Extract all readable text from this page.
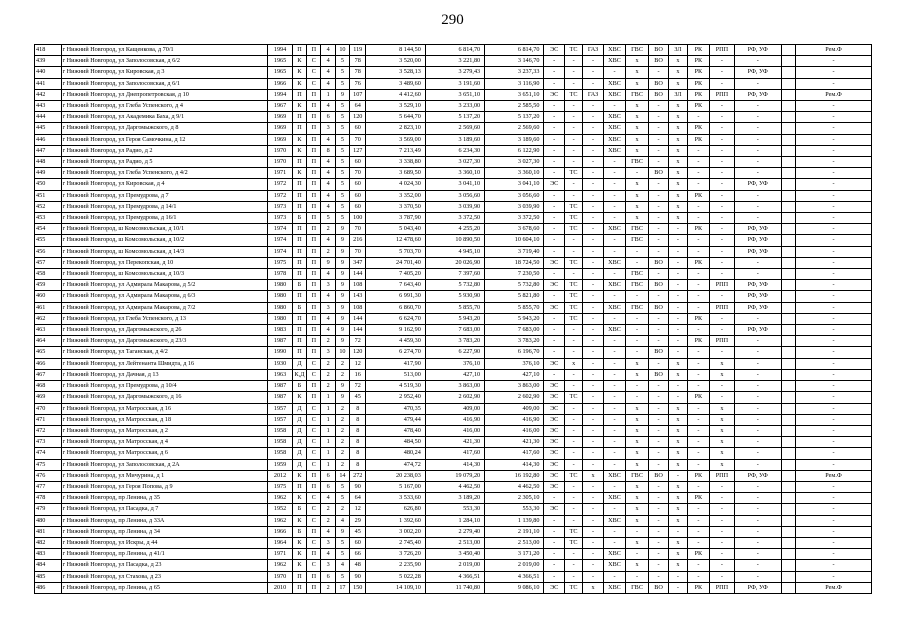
290
418	г Нижний Новгород, ул Кащенкова, д 70/1	1994	П	П	4	10	119	8 144,50	6 814,70	6 814,70	ЭС	ТС	ГАЗ	ХВС	ГВС	ВО	ЗЛ	РК	РПП	РФ, УФ		Рем.Ф
439	г Нижний Новгород, ул Заполосовская, д 6/2	1965	К	С	4	5	78	3 520,00	3 221,80	3 146,70	-	-	-	ХВС	х	ВО	х	РК	-	-		-
440	г Нижний Новгород, ул Кировская, д 3	1965	К	С	4	5	78	3 528,13	3 279,43	3 237,33	-	-	-	-	х	-	х	РК	-	РФ, УФ		-
441	г Нижний Новгород, ул Заполосовская, д 6/1	1966	К	С	4	5	76	3 489,60	3 191,60	3 116,90	-	-	-	ХВС	х	ВО	х	РК	-	-		-
442	г Нижний Новгород, ул Днепропетровская, д 10	1994	П	П	1	9	107	4 412,60	3 651,10	3 651,10	ЭС	ТС	ГАЗ	ХВС	ГВС	ВО	ЗЛ	РК	РПП	РФ, УФ		Рем.Ф
443	г Нижний Новгород, ул Глеба Успенского, д 4	1967	К	П	4	5	64	3 529,10	3 233,00	2 585,50	-	-	-	-	х	-	х	РК	-	-		-
444	г Нижний Новгород, ул Академика Баха, д 9/1	1969	П	П	6	5	120	5 644,70	5 137,20	5 137,20	-	-	-	ХВС	х	-	х	-	-	-		-
445	г Нижний Новгород, ул Даргомыжского, д 8	1969	П	П	3	5	60	2 823,10	2 569,60	2 569,60	-	-	-	ХВС	х	-	х	РК	-	-		-
446	г Нижний Новгород, ул Героя Самочкина, д 12	1969	К	П	4	5	70	3 569,00	3 189,60	3 189,60	-	-	-	ХВС	х	-	х	РК	-	-		-
447	г Нижний Новгород, ул Радио, д 2	1970	К	П	8	5	127	7 213,49	6 234,30	6 122,90	-	-	-	ХВС	х	-	х	-	-	-		-
448	г Нижний Новгород, ул Радио, д 5	1970	П	П	4	5	60	3 338,80	3 027,30	3 027,30	-	-	-	-	ГВС	-	х	-	-	-		-
449	г Нижний Новгород, ул Глеба Успенского, д 4/2	1971	К	П	4	5	70	3 689,50	3 360,10	3 360,10	-	ТС	-	-	-	ВО	х	-	-	-		-
450	г Нижний Новгород, ул Кировская, д 4	1972	П	П	4	5	60	4 024,30	3 041,10	3 041,10	ЭС	-	-	-	х	-	х	-	-	РФ, УФ		-
451	г Нижний Новгород, ул Премудрова, д 7	1972	П	П	4	5	60	3 352,00	3 056,60	3 056,60	-	-	-	-	х	-	х	РК	-	-		-
452	г Нижний Новгород, ул Премудрова, д 14/1	1973	П	П	4	5	60	3 370,50	3 039,90	3 039,90	-	ТС	-	-	х	-	х	-	-	-		-
453	г Нижний Новгород, ул Премудрова, д 16/1	1973	Б	П	5	5	100	3 787,90	3 372,50	3 372,50	-	ТС	-	-	х	-	х	-	-	-		-
454	г Нижний Новгород, ш Комсомольская, д 10/1	1974	П	П	2	9	70	5 043,40	4 255,20	3 678,60	-	ТС	-	ХВС	ГВС	-	-	РК	-	РФ, УФ		-
455	г Нижний Новгород, ш Комсомольская, д 10/2	1974	П	П	4	9	216	12 478,60	10 890,50	10 604,10	-	-	-	-	ГВС	-	-	-	-	РФ, УФ		-
456	г Нижний Новгород, ш Комсомольская, д 14/3	1974	П	П	2	9	70	5 703,70	4 945,10	3 719,40	-	-	-	-	-	-	-	-	-	РФ, УФ		-
457	г Нижний Новгород, ул Перекопская, д 10	1975	П	П	9	9	347	24 701,40	20 026,90	18 724,50	ЭС	ТС	-	ХВС	-	ВО	-	РК	-	-		-
458	г Нижний Новгород, ш Комсомольская, д 10/3	1978	П	П	4	9	144	7 405,20	7 397,60	7 230,50	-	-	-	-	ГВС	-	-	-	-	-		-
459	г Нижний Новгород, ул Адмирала Макарова, д 5/2	1980	Б	П	3	9	108	7 643,40	5 732,80	5 732,80	ЭС	ТС	-	ХВС	ГВС	ВО	-	-	РПП	РФ, УФ		-
460	г Нижний Новгород, ул Адмирала Макарова, д 6/3	1980	П	П	4	9	143	6 991,30	5 930,90	5 821,80	-	ТС	-	-	-	-	-	-	-	РФ, УФ		-
461	г Нижний Новгород, ул Адмирала Макарова, д 7/2	1980	Б	П	3	9	108	6 860,70	5 855,70	5 855,70	ЭС	ТС	-	ХВС	ГВС	ВО	-	-	РПП	РФ, УФ		-
462	г Нижний Новгород, ул Глеба Успенского, д 13	1980	П	П	4	9	144	6 624,70	5 943,20	5 943,20	-	ТС	-	-	-	-	-	РК	-	-		-
463	г Нижний Новгород, ул Даргомыжского, д 26	1983	П	П	4	9	144	9 162,90	7 683,00	7 683,00	-	-	-	ХВС	-	-	-	-	-	РФ, УФ		-
464	г Нижний Новгород, ул Даргомыжского, д 23/3	1987	П	П	2	9	72	4 459,30	3 783,20	3 783,20	-	-	-	-	-	-	-	РК	РПП	-		-
465	г Нижний Новгород, ул Таганская, д 4/2	1990	П	П	3	10	120	6 274,70	6 227,90	6 196,70	-	-	-	-	-	ВО	-	-	-	-		-
466	г Нижний Новгород, ул Лейтенанта Шмидта, д 16	1930	Д	С	2	2	12	417,90	376,10	376,10	ЭС	х	-	-	х	-	х	-	х	-		-
467	г Нижний Новгород, ул Дачная, д 13	1963	К,Д	С	2	2	16	513,00	427,10	427,10	-	-	-	-	х	ВО	х	-	х	-		-
468	г Нижний Новгород, ул Премудрова, д 10/4	1987	Б	П	2	9	72	4 519,30	3 863,00	3 863,00	ЭС	-	-	-	-	-	-	-	-	-		-
469	г Нижний Новгород, ул Даргомыжского, д 16	1987	К	П	1	9	45	2 952,40	2 602,90	2 602,90	ЭС	ТС	-	-	-	-	-	РК	-	-		-
470	г Нижний Новгород, ул Матросская, д 16	1957	Д	С	1	2	8	470,35	409,00	409,00	ЭС	-	-	-	х	-	х	-	х	-		-
471	г Нижний Новгород, ул Матросская, д 18	1957	Д	С	1	2	8	479,44	416,90	416,90	ЭС	-	-	-	х	-	х	-	х	-		-
472	г Нижний Новгород, ул Матросская, д 2	1958	Д	С	1	2	8	478,40	416,00	416,00	ЭС	-	-	-	х	-	х	-	х	-		-
473	г Нижний Новгород, ул Матросская, д 4	1958	Д	С	1	2	8	484,50	421,30	421,30	ЭС	-	-	-	х	-	х	-	х	-		-
474	г Нижний Новгород, ул Матросская, д 6	1958	Д	С	1	2	8	480,24	417,60	417,60	ЭС	-	-	-	х	-	х	-	х	-		-
475	г Нижний Новгород, ул Заполосовская, д 2А	1959	Д	С	1	2	8	474,72	414,30	414,30	ЭС	-	-	-	х	-	х	-	х	-		-
476	г Нижний Новгород, ул Мичурина, д 1	2012	К	П	6	14	272	20 238,03	19 079,20	16 192,80	ЭС	ТС	х	ХВС	ГВС	ВО	-	РК	РПП	РФ, УФ		Рем.Ф
477	г Нижний Новгород, ул Героя Попова, д 9	1975	П	П	6	5	90	5 167,00	4 462,50	4 462,50	ЭС	-	-	-	х	-	х	-	-	-		-
478	г Нижний Новгород, пр Ленина, д 35	1962	К	С	4	5	64	3 533,60	3 189,20	2 305,10	-	-	-	ХВС	х	-	х	РК	-	-		-
479	г Нижний Новгород, ул Пасадка, д 7	1952	Б	С	2	2	12	626,80	553,30	553,30	ЭС	-	-	-	х	-	х	-	-	-		-
480	г Нижний Новгород, пр Ленина, д 33А	1962	К	С	2	4	29	1 392,60	1 284,10	1 139,80	-	-	-	ХВС	х	-	х	-	-	-		-
481	г Нижний Новгород, пр Ленина, д 34	1966	Б	П	4	9	45	3 002,20	2 279,40	2 191,10	-	ТС	-	-	-	-	-	-	-	-		-
482	г Нижний Новгород, ул Искры, д 44	1964	К	С	3	5	60	2 745,40	2 513,00	2 513,00	-	ТС	-	-	х	-	х	-	-	-		-
483	г Нижний Новгород, пр Ленина, д 41/1	1971	К	П	4	5	66	3 726,20	3 450,40	3 171,20	-	-	-	ХВС	-	-	х	РК	-	-		-
484	г Нижний Новгород, ул Пасадка, д 23	1962	К	С	3	4	48	2 235,90	2 019,00	2 019,00	-	-	-	ХВС	х	-	х	-	-	-		-
485	г Нижний Новгород, ул Стахова, д 23	1970	П	П	6	5	90	5 022,28	4 366,51	4 366,51	-	-	-	-	-	-	-	-	-	-		-
486	г Нижний Новгород, пр Ленина, д 65	2010	П	П	2	17	150	14 109,10	11 740,80	9 086,10	ЭС	ТС	х	ХВС	ГВС	ВО	-	РК	РПП	РФ, УФ		Рем.Ф
